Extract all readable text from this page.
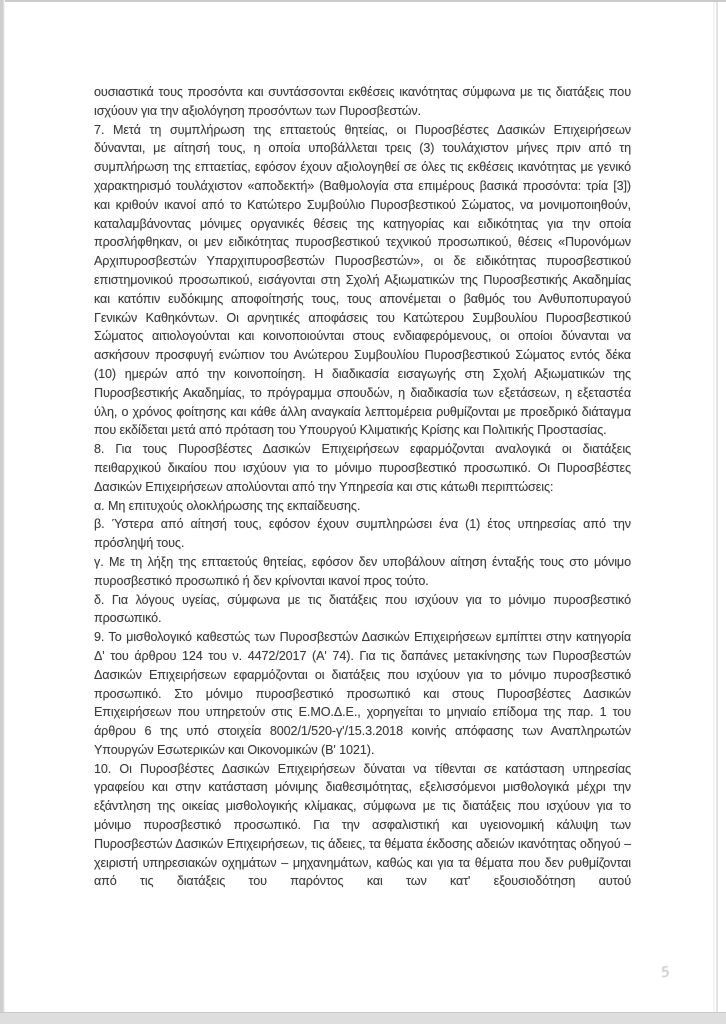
ουσιαστικά τους προσόντα και συντάσσονται εκθέσεις ικανότητας σύμφωνα με τις διατάξεις που ισχύουν για την αξιολόγηση προσόντων των Πυροσβεστών.

7. Μετά τη συμπλήρωση της επταετούς θητείας, οι Πυροσβέστες Δασικών Επιχειρήσεων δύνανται, με αίτησή τους, η οποία υποβάλλεται τρεις (3) τουλάχιστον μήνες πριν από τη συμπλήρωση της επταετίας, εφόσον έχουν αξιολογηθεί σε όλες τις εκθέσεις ικανότητας με γενικό χαρακτηρισμό τουλάχιστον «αποδεκτή» (Βαθμολογία στα επιμέρους βασικά προσόντα: τρία [3]) και κριθούν ικανοί από το Κατώτερο Συμβούλιο Πυροσβεστικού Σώματος, να μονιμοποιηθούν, καταλαμβάνοντας μόνιμες οργανικές θέσεις της κατηγορίας και ειδικότητας για την οποία προσλήφθηκαν, οι μεν ειδικότητας πυροσβεστικού τεχνικού προσωπικού, θέσεις «Πυρονόμων Αρχιπυροσβεστών Υπαρχιπυροσβεστών Πυροσβεστών», οι δε ειδικότητας πυροσβεστικού επιστημονικού προσωπικού, εισάγονται στη Σχολή Αξιωματικών της Πυροσβεστικής Ακαδημίας και κατόπιν ευδόκιμης αποφοίτησής τους, τους απονέμεται ο βαθμός του Ανθυποπυραγού Γενικών Καθηκόντων. Οι αρνητικές αποφάσεις του Κατώτερου Συμβουλίου Πυροσβεστικού Σώματος αιτιολογούνται και κοινοποιούνται στους ενδιαφερόμενους, οι οποίοι δύνανται να ασκήσουν προσφυγή ενώπιον του Ανώτερου Συμβουλίου Πυροσβεστικού Σώματος εντός δέκα (10) ημερών από την κοινοποίηση. Η διαδικασία εισαγωγής στη Σχολή Αξιωματικών της Πυροσβεστικής Ακαδημίας, το πρόγραμμα σπουδών, η διαδικασία των εξετάσεων, η εξεταστέα ύλη, ο χρόνος φοίτησης και κάθε άλλη αναγκαία λεπτομέρεια ρυθμίζονται με προεδρικό διάταγμα που εκδίδεται μετά από πρόταση του Υπουργού Κλιματικής Κρίσης και Πολιτικής Προστασίας.

8. Για τους Πυροσβέστες Δασικών Επιχειρήσεων εφαρμόζονται αναλογικά οι διατάξεις πειθαρχικού δικαίου που ισχύουν για το μόνιμο πυροσβεστικό προσωπικό. Οι Πυροσβέστες Δασικών Επιχειρήσεων απολύονται από την Υπηρεσία και στις κάτωθι περιπτώσεις:

α. Μη επιτυχούς ολοκλήρωσης της εκπαίδευσης.

β. Ύστερα από αίτησή τους, εφόσον έχουν συμπληρώσει ένα (1) έτος υπηρεσίας από την πρόσληψή τους.

γ. Με τη λήξη της επταετούς θητείας, εφόσον δεν υποβάλουν αίτηση ένταξής τους στο μόνιμο πυροσβεστικό προσωπικό ή δεν κρίνονται ικανοί προς τούτο.

δ. Για λόγους υγείας, σύμφωνα με τις διατάξεις που ισχύουν για το μόνιμο πυροσβεστικό προσωπικό.

9. Το μισθολογικό καθεστώς των Πυροσβεστών Δασικών Επιχειρήσεων εμπίπτει στην κατηγορία Δ' του άρθρου 124 του ν. 4472/2017 (Α' 74). Για τις δαπάνες μετακίνησης των Πυροσβεστών Δασικών Επιχειρήσεων εφαρμόζονται οι διατάξεις που ισχύουν για το μόνιμο πυροσβεστικό προσωπικό. Στο μόνιμο πυροσβεστικό προσωπικό και στους Πυροσβέστες Δασικών Επιχειρήσεων που υπηρετούν στις Ε.ΜΟ.Δ.Ε., χορηγείται το μηνιαίο επίδομα της παρ. 1 του άρθρου 6 της υπό στοιχεία 8002/1/520-γ'/15.3.2018 κοινής απόφασης των Αναπληρωτών Υπουργών Εσωτερικών και Οικονομικών (Β' 1021).

10. Οι Πυροσβέστες Δασικών Επιχειρήσεων δύναται να τίθενται σε κατάσταση υπηρεσίας γραφείου και στην κατάσταση μόνιμης διαθεσιμότητας, εξελισσόμενοι μισθολογικά μέχρι την εξάντληση της οικείας μισθολογικής κλίμακας, σύμφωνα με τις διατάξεις που ισχύουν για το μόνιμο πυροσβεστικό προσωπικό. Για την ασφαλιστική και υγειονομική κάλυψη των Πυροσβεστών Δασικών Επιχειρήσεων, τις άδειες, τα θέματα έκδοσης αδειών ικανότητας οδηγού – χειριστή υπηρεσιακών οχημάτων – μηχανημάτων, καθώς και για τα θέματα που δεν ρυθμίζονται από τις διατάξεις του παρόντος και των κατ' εξουσιοδότηση αυτού

5
